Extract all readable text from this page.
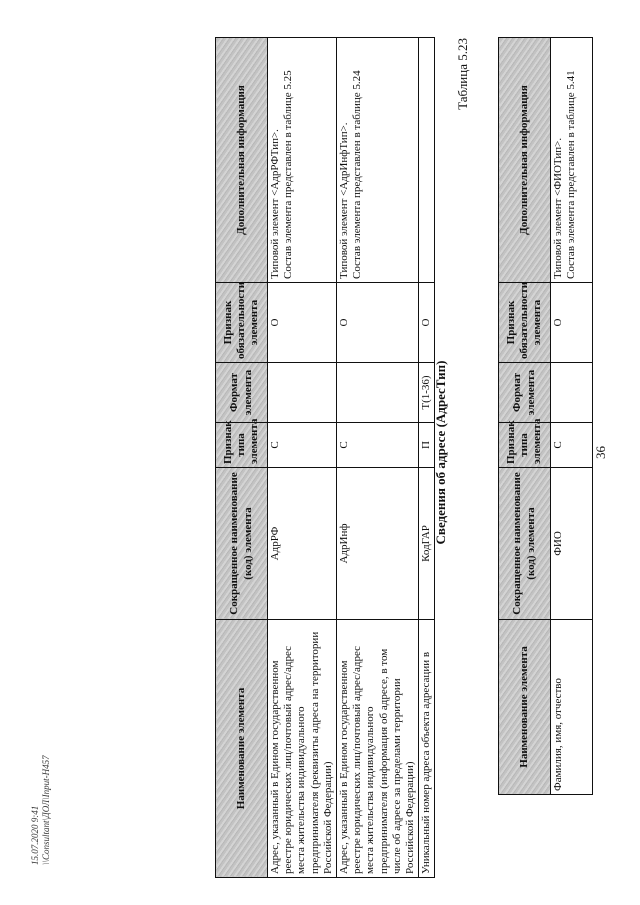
36
Наименование элемента	Сокращенное наименование (код) элемента	Признак типа элемента	Формат элемента	Признак обязательности элемента	Дополнительная информация
Фамилия, имя, отчество	ФИО	С		О	Типовой элемент <ФИОТип>. Состав элемента представлен в таблице 5.41
Таблица 5.23
Сведения об адресе (АдресТип)
Наименование элемента	Сокращенное наименование (код) элемента	Признак типа элемента	Формат элемента	Признак обязательности элемента	Дополнительная информация
Адрес, указанный в Едином государственном реестре юридических лиц/почтовый адрес/адрес места жительства индивидуального предпринимателя (реквизиты адреса на территории Российской Федерации)	АдрРФ	С		О	Типовой элемент <АдрРФТип>. Состав элемента представлен в таблице 5.25

Адрес, указанный в Едином государственном реестре юридических лиц/почтовый адрес/адрес места жительства индивидуального предпринимателя (информация об адресе, в том числе об адресе за пределами территории Российской Федерации)	АдрИнф	С		О	Типовой элемент <АдрИнфТип>. Состав элемента представлен в таблице 5.24

Уникальный номер адреса объекта адресации в	КодГАР	П	T(1-36)	О	
15.07.2020 9:41 \\Consultant\ДОЛ\Input-H457
